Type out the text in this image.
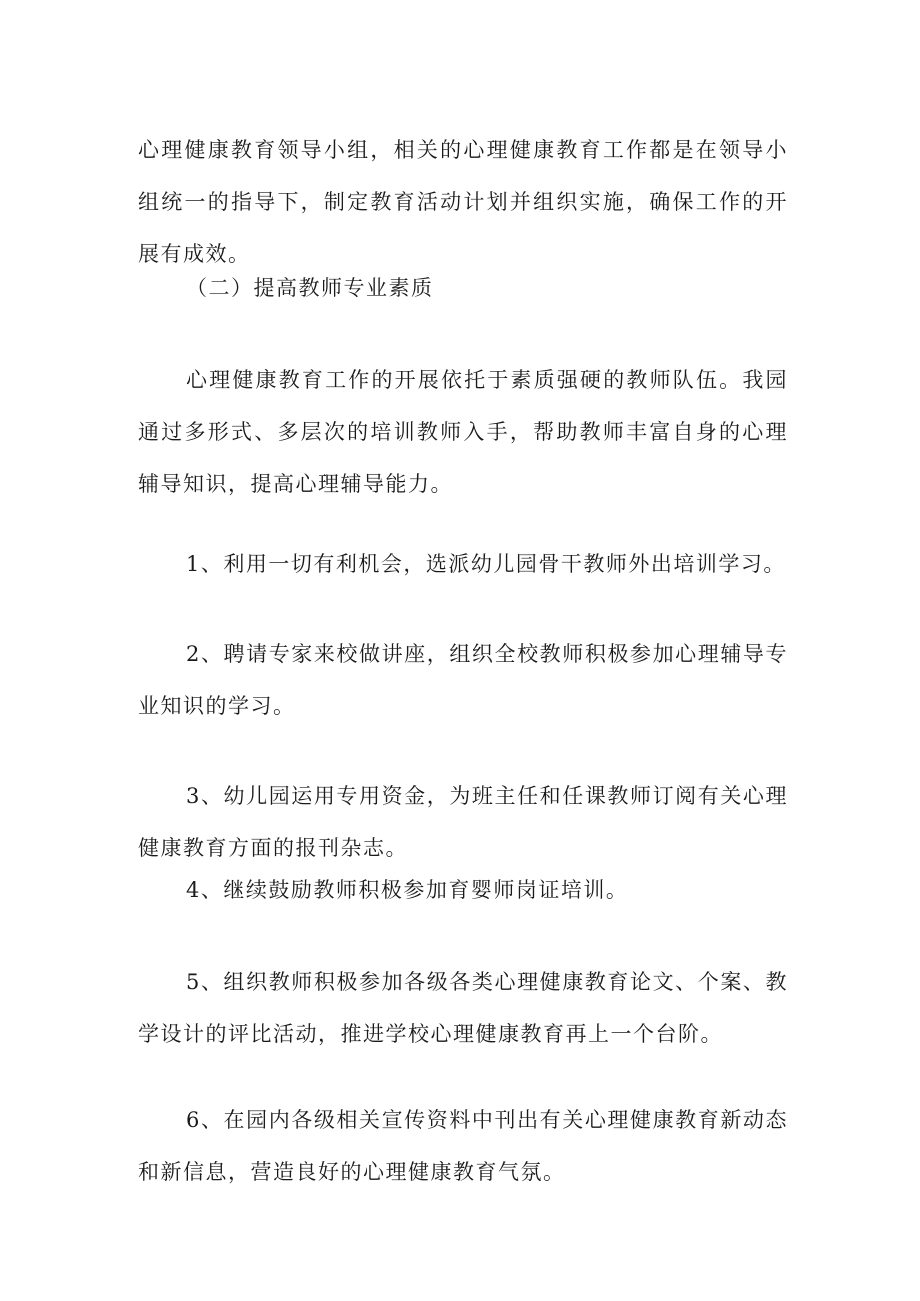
心理健康教育领导小组，相关的心理健康教育工作都是在领导小组统一的指导下，制定教育活动计划并组织实施，确保工作的开展有成效。

（二）提高教师专业素质

心理健康教育工作的开展依托于素质强硬的教师队伍。我园通过多形式、多层次的培训教师入手，帮助教师丰富自身的心理辅导知识，提高心理辅导能力。

1、利用一切有利机会，选派幼儿园骨干教师外出培训学习。

2、聘请专家来校做讲座，组织全校教师积极参加心理辅导专业知识的学习。

3、幼儿园运用专用资金，为班主任和任课教师订阅有关心理健康教育方面的报刊杂志。

4、继续鼓励教师积极参加育婴师岗证培训。

5、组织教师积极参加各级各类心理健康教育论文、个案、教学设计的评比活动，推进学校心理健康教育再上一个台阶。

6、在园内各级相关宣传资料中刊出有关心理健康教育新动态和新信息，营造良好的心理健康教育气氛。
